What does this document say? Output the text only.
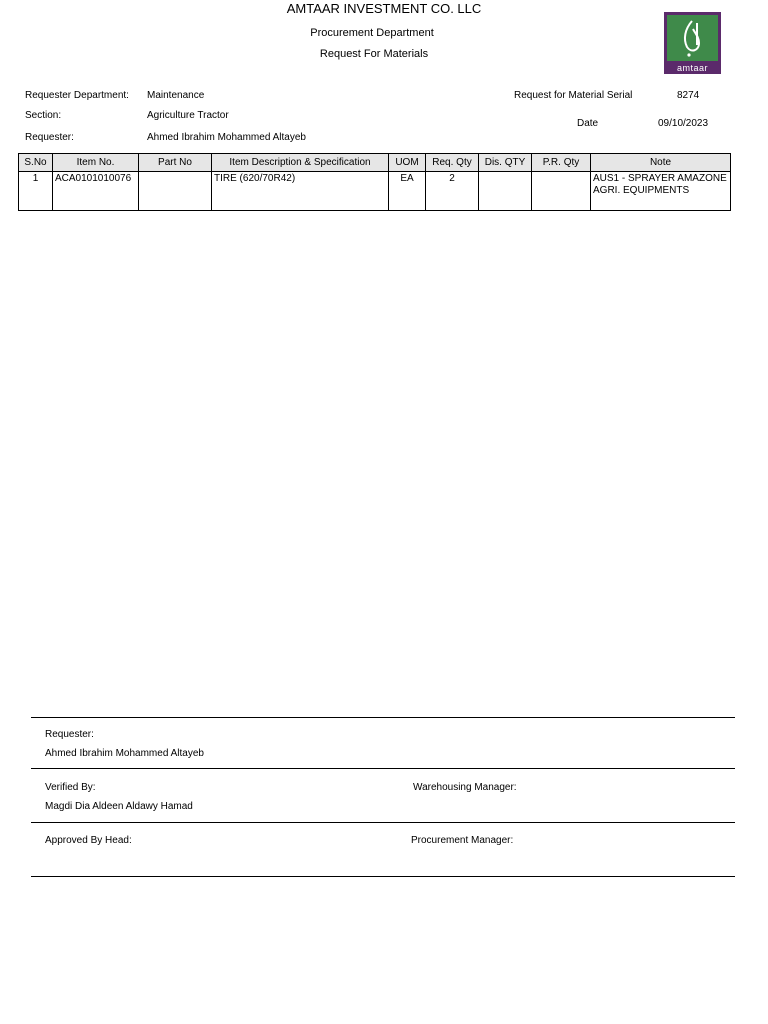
AMTAAR INVESTMENT CO. LLC
Procurement Department
Request For Materials
amtaar
Requester Department: Maintenance
Section:	Agriculture Tractor
Requester:	Ahmed Ibrahim Mohammed Altayeb
Request for Material Serial	8274
Date	09/10/2023
S.No	Item No.	Part No	Item Description & Specification	UOM	Req. Qty	Dis. QTY	P.R. Qty	Note
1	ACA0101010076		TIRE (620/70R42)	EA	2			AUS1 - SPRAYER AMAZONE AGRI. EQUIPMENTS
Requester:
Ahmed Ibrahim Mohammed Altayeb
Verified By:	Warehousing Manager:
Magdi Dia Aldeen Aldawy Hamad
Approved By Head:	Procurement Manager:
